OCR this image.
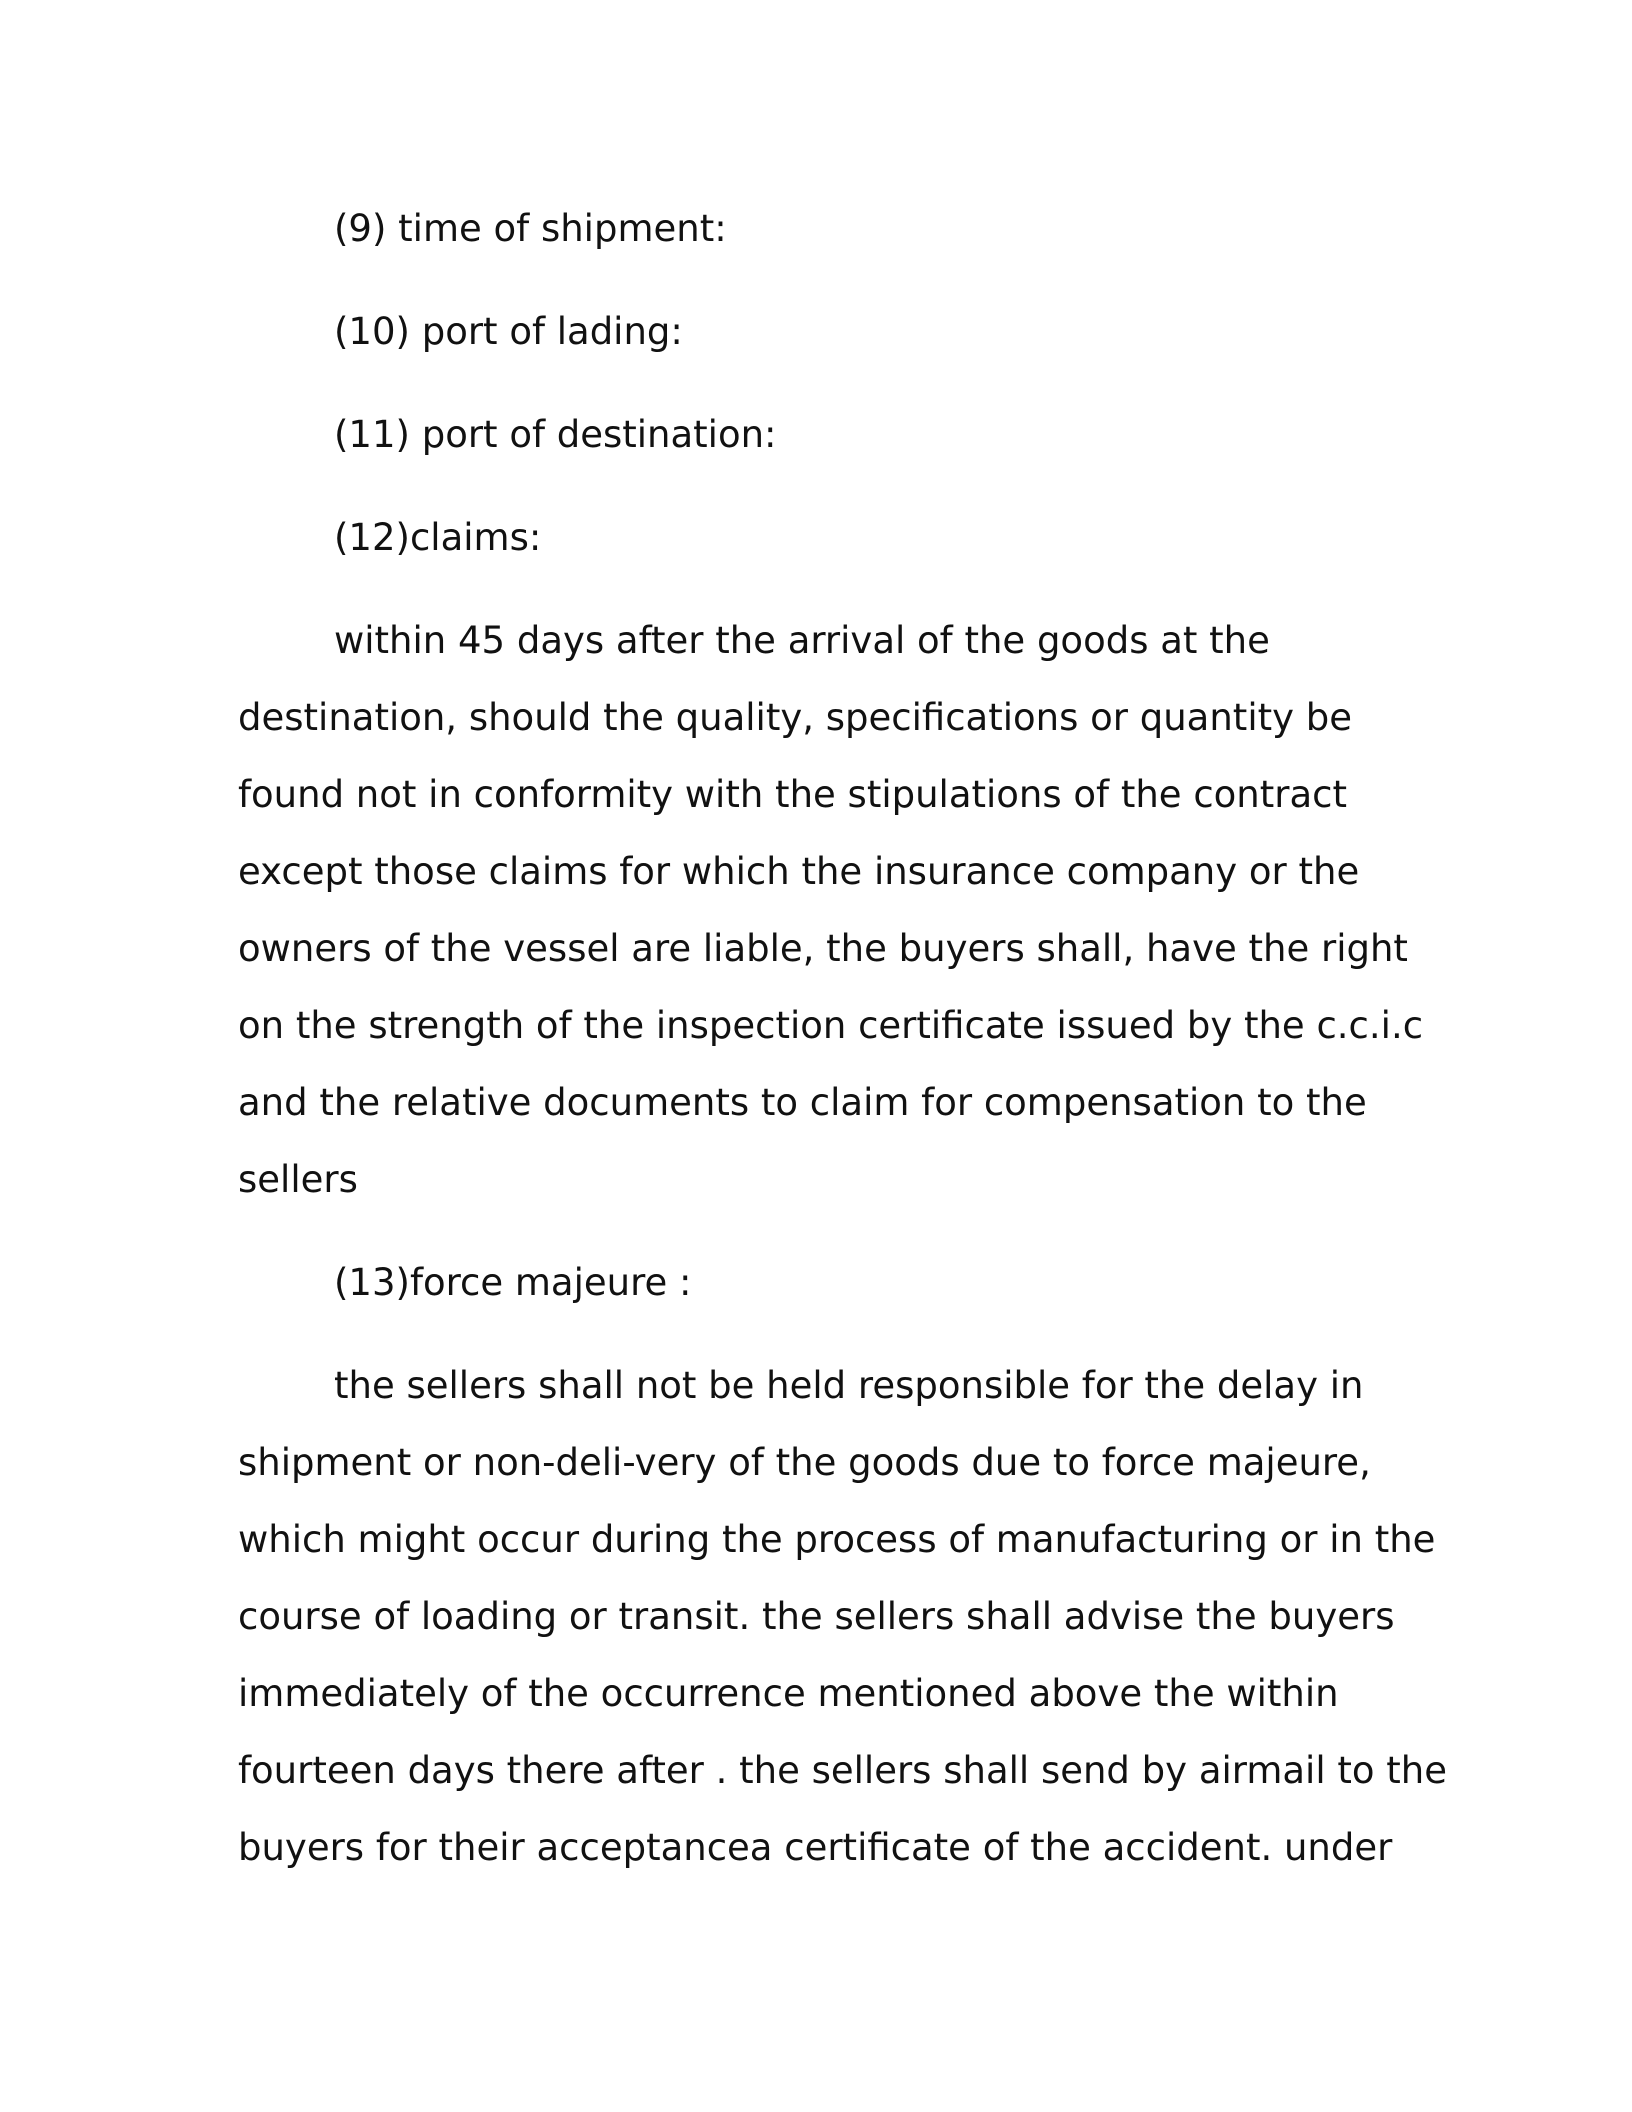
(9) time of shipment:

(10) port of lading:

(11) port of destination:

(12)claims:

within 45 days after the arrival of the goods at the
destination, should the quality, specifications or quantity be
found not in conformity with the stipulations of the contract
except those claims for which the insurance company or the
owners of the vessel are liable, the buyers shall, have the right
on the strength of the inspection certificate issued by the c.c.i.c
and the relative documents to claim for compensation to the
sellers

(13)force majeure :

the sellers shall not be held responsible for the delay in
shipment or non-deli-very of the goods due to force majeure,
which might occur during the process of manufacturing or in the
course of loading or transit. the sellers shall advise the buyers
immediately of the occurrence mentioned above the within
fourteen days there after . the sellers shall send by airmail to the
buyers for their acceptancea certificate of the accident. under
